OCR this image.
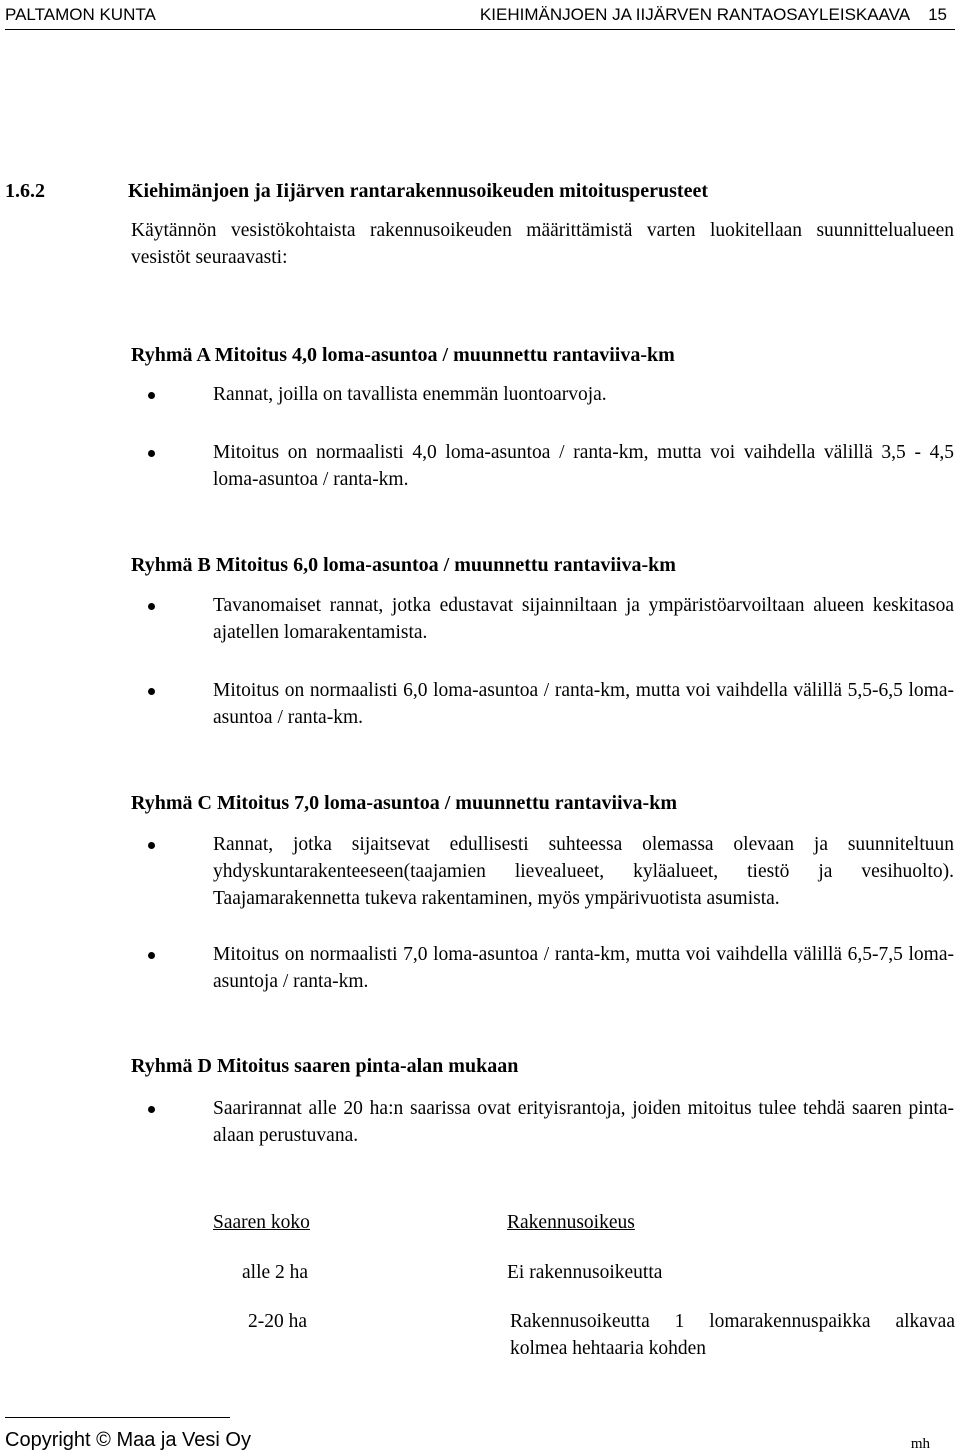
PALTAMON KUNTA	KIEHIMÄNJOEN JA IIJÄRVEN RANTAOSAYLEISKAAVA 15
1.6.2	Kiehimänjoen ja Iijärven rantarakennusoikeuden mitoitusperusteet
Käytännön vesistökohtaista rakennusoikeuden määrittämistä varten luokitellaan suunnittelualueen vesistöt seuraavasti:
Ryhmä A Mitoitus 4,0 loma-asuntoa / muunnettu rantaviiva-km
Rannat, joilla on tavallista enemmän luontoarvoja.
Mitoitus on normaalisti 4,0 loma-asuntoa / ranta-km, mutta voi vaihdella välillä 3,5 - 4,5 loma-asuntoa / ranta-km.
Ryhmä B Mitoitus 6,0 loma-asuntoa / muunnettu rantaviiva-km
Tavanomaiset rannat, jotka edustavat sijainniltaan ja ympäristöarvoiltaan alueen keskitasoa ajatellen lomarakentamista.
Mitoitus on normaalisti 6,0 loma-asuntoa / ranta-km, mutta voi vaihdella välillä 5,5-6,5 loma-asuntoa / ranta-km.
Ryhmä C Mitoitus 7,0 loma-asuntoa / muunnettu rantaviiva-km
Rannat, jotka sijaitsevat edullisesti suhteessa olemassa olevaan ja suunniteltuun yhdyskuntarakenteeseen(taajamien lievealueet, kyläalueet, tiestö ja vesihuolto). Taajamarakennetta tukeva rakentaminen, myös ympärivuotista asumista.
Mitoitus on normaalisti 7,0 loma-asuntoa / ranta-km, mutta voi vaihdella välillä 6,5-7,5 loma-asuntoja / ranta-km.
Ryhmä D Mitoitus saaren pinta-alan mukaan
Saarirannat alle 20 ha:n saarissa ovat erityisrantoja, joiden mitoitus tulee tehdä saaren pinta-alaan perustuvana.
Saaren koko	Rakennusoikeus
alle 2 ha	Ei rakennusoikeutta
2-20 ha	Rakennusoikeutta 1 lomarakennuspaikka alkavaa kolmea hehtaaria kohden
Copyright © Maa ja Vesi Oy	mh
